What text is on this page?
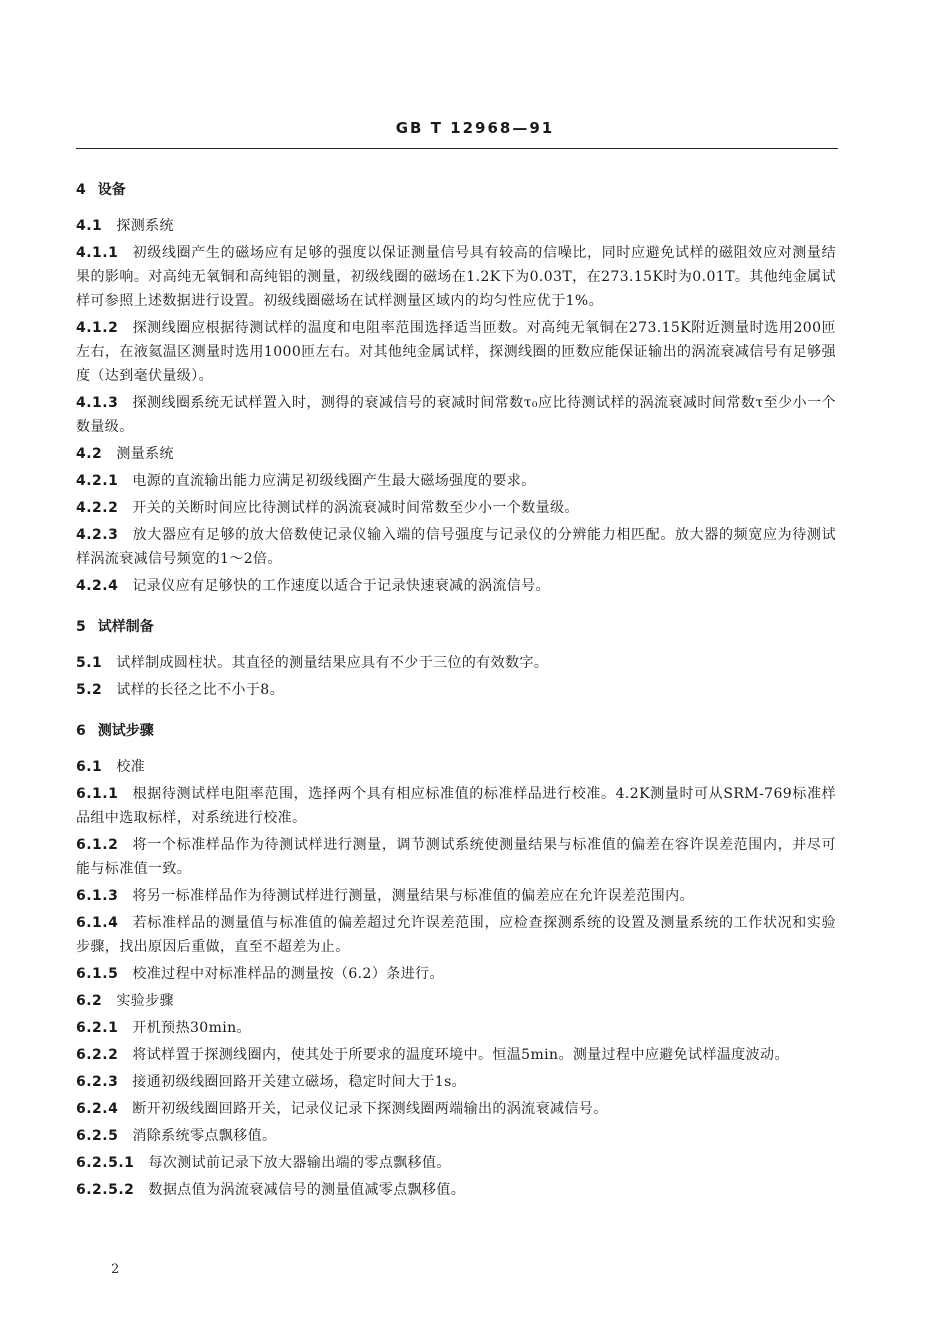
GB T 12968—91
4 设备
4.1 探测系统
4.1.1 初级线圈产生的磁场应有足够的强度以保证测量信号具有较高的信噪比，同时应避免试样的磁阻效应对测量结果的影响。对高纯无氧铜和高纯铝的测量，初级线圈的磁场在1.2K下为0.03T，在273.15K时为0.01T。其他纯金属试样可参照上述数据进行设置。初级线圈磁场在试样测量区域内的均匀性应优于1%。
4.1.2 探测线圈应根据待测试样的温度和电阻率范围选择适当匝数。对高纯无氧铜在273.15K附近测量时选用200匝左右，在液氦温区测量时选用1000匝左右。对其他纯金属试样，探测线圈的匝数应能保证输出的涡流衰减信号有足够强度（达到毫伏量级）。
4.1.3 探测线圈系统无试样置入时，测得的衰减信号的衰减时间常数τ₀应比待测试样的涡流衰减时间常数τ至少小一个数量级。
4.2 测量系统
4.2.1 电源的直流输出能力应满足初级线圈产生最大磁场强度的要求。
4.2.2 开关的关断时间应比待测试样的涡流衰减时间常数至少小一个数量级。
4.2.3 放大器应有足够的放大倍数使记录仪输入端的信号强度与记录仪的分辨能力相匹配。放大器的频宽应为待测试样涡流衰减信号频宽的1～2倍。
4.2.4 记录仪应有足够快的工作速度以适合于记录快速衰减的涡流信号。
5 试样制备
5.1 试样制成圆柱状。其直径的测量结果应具有不少于三位的有效数字。
5.2 试样的长径之比不小于8。
6 测试步骤
6.1 校准
6.1.1 根据待测试样电阻率范围，选择两个具有相应标准值的标准样品进行校准。4.2K测量时可从SRM-769标准样品组中选取标样，对系统进行校准。
6.1.2 将一个标准样品作为待测试样进行测量，调节测试系统使测量结果与标准值的偏差在容许误差范围内，并尽可能与标准值一致。
6.1.3 将另一标准样品作为待测试样进行测量，测量结果与标准值的偏差应在允许误差范围内。
6.1.4 若标准样品的测量值与标准值的偏差超过允许误差范围，应检查探测系统的设置及测量系统的工作状况和实验步骤，找出原因后重做，直至不超差为止。
6.1.5 校准过程中对标准样品的测量按（6.2）条进行。
6.2 实验步骤
6.2.1 开机预热30min。
6.2.2 将试样置于探测线圈内，使其处于所要求的温度环境中。恒温5min。测量过程中应避免试样温度波动。
6.2.3 接通初级线圈回路开关建立磁场，稳定时间大于1s。
6.2.4 断开初级线圈回路开关，记录仪记录下探测线圈两端输出的涡流衰减信号。
6.2.5 消除系统零点飘移值。
6.2.5.1 每次测试前记录下放大器输出端的零点飘移值。
6.2.5.2 数据点值为涡流衰减信号的测量值减零点飘移值。
2
